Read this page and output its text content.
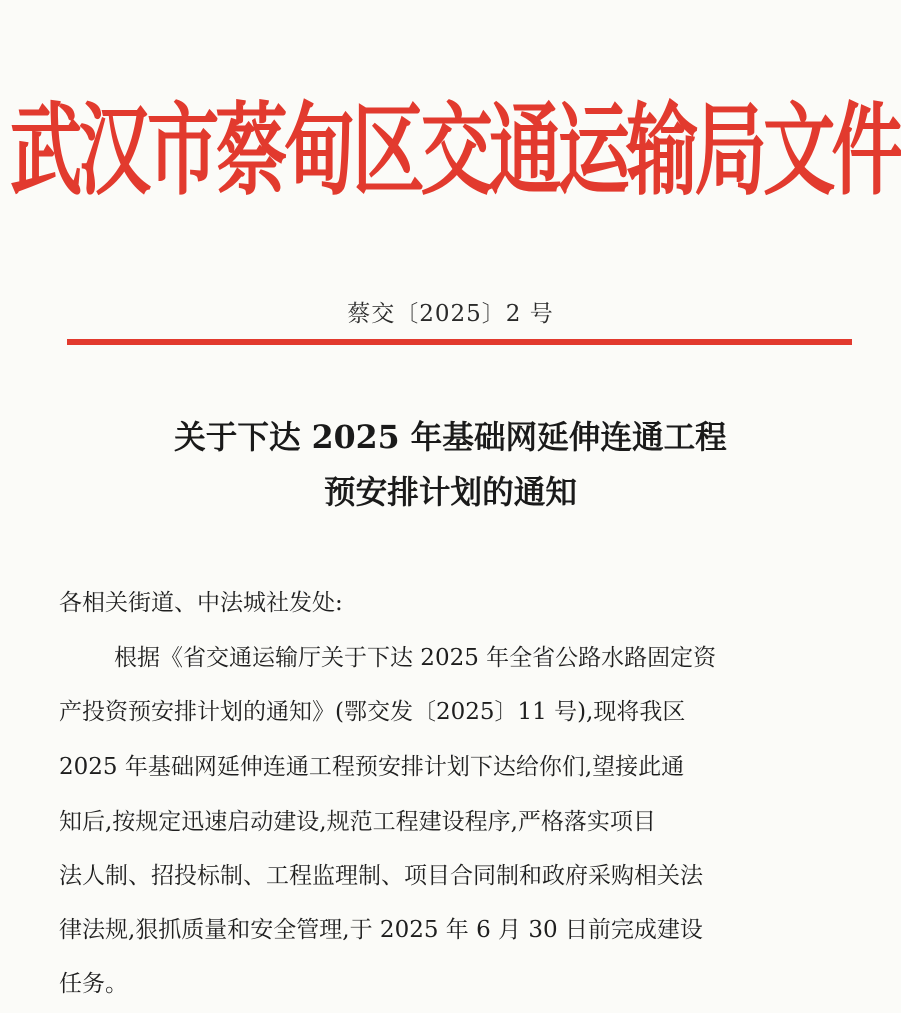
武汉市蔡甸区交通运输局文件
蔡交〔2025〕2 号
关于下达 2025 年基础网延伸连通工程
预安排计划的通知
各相关街道、中法城社发处:
根据《省交通运输厅关于下达 2025 年全省公路水路固定资
产投资预安排计划的通知》(鄂交发〔2025〕11 号),现将我区
2025 年基础网延伸连通工程预安排计划下达给你们,望接此通
知后,按规定迅速启动建设,规范工程建设程序,严格落实项目
法人制、招投标制、工程监理制、项目合同制和政府采购相关法
律法规,狠抓质量和安全管理,于 2025 年 6 月 30 日前完成建设
任务。
